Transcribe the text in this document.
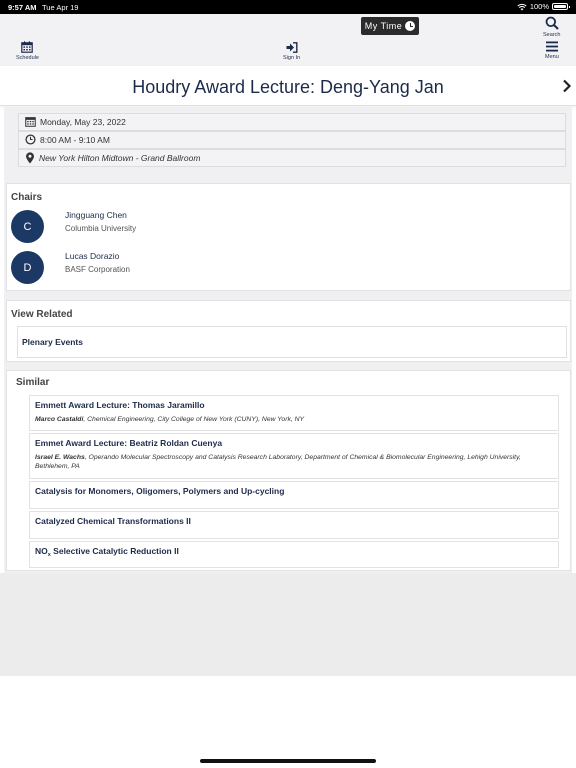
9:57 AM Tue Apr 19	100%
Schedule
My Time
Sign In
Search
Menu
Houdry Award Lecture: Deng-Yang Jan
Monday, May 23, 2022
8:00 AM - 9:10 AM
New York Hilton Midtown - Grand Ballroom
Chairs
C
Jingguang Chen
Columbia University
D
Lucas Dorazio
BASF Corporation
View Related
Plenary Events
Similar
Emmett Award Lecture: Thomas Jaramillo
Marco Castaldi, Chemical Engineering, City College of New York (CUNY), New York, NY
Emmet Award Lecture: Beatriz Roldan Cuenya
Israel E. Wachs, Operando Molecular Spectroscopy and Catalysis Research Laboratory, Department of Chemical & Biomolecular Engineering, Lehigh University, Bethlehem, PA
Catalysis for Monomers, Oligomers, Polymers and Up-cycling
Catalyzed Chemical Transformations II
$NO_x$ Selective Catalytic Reduction II
